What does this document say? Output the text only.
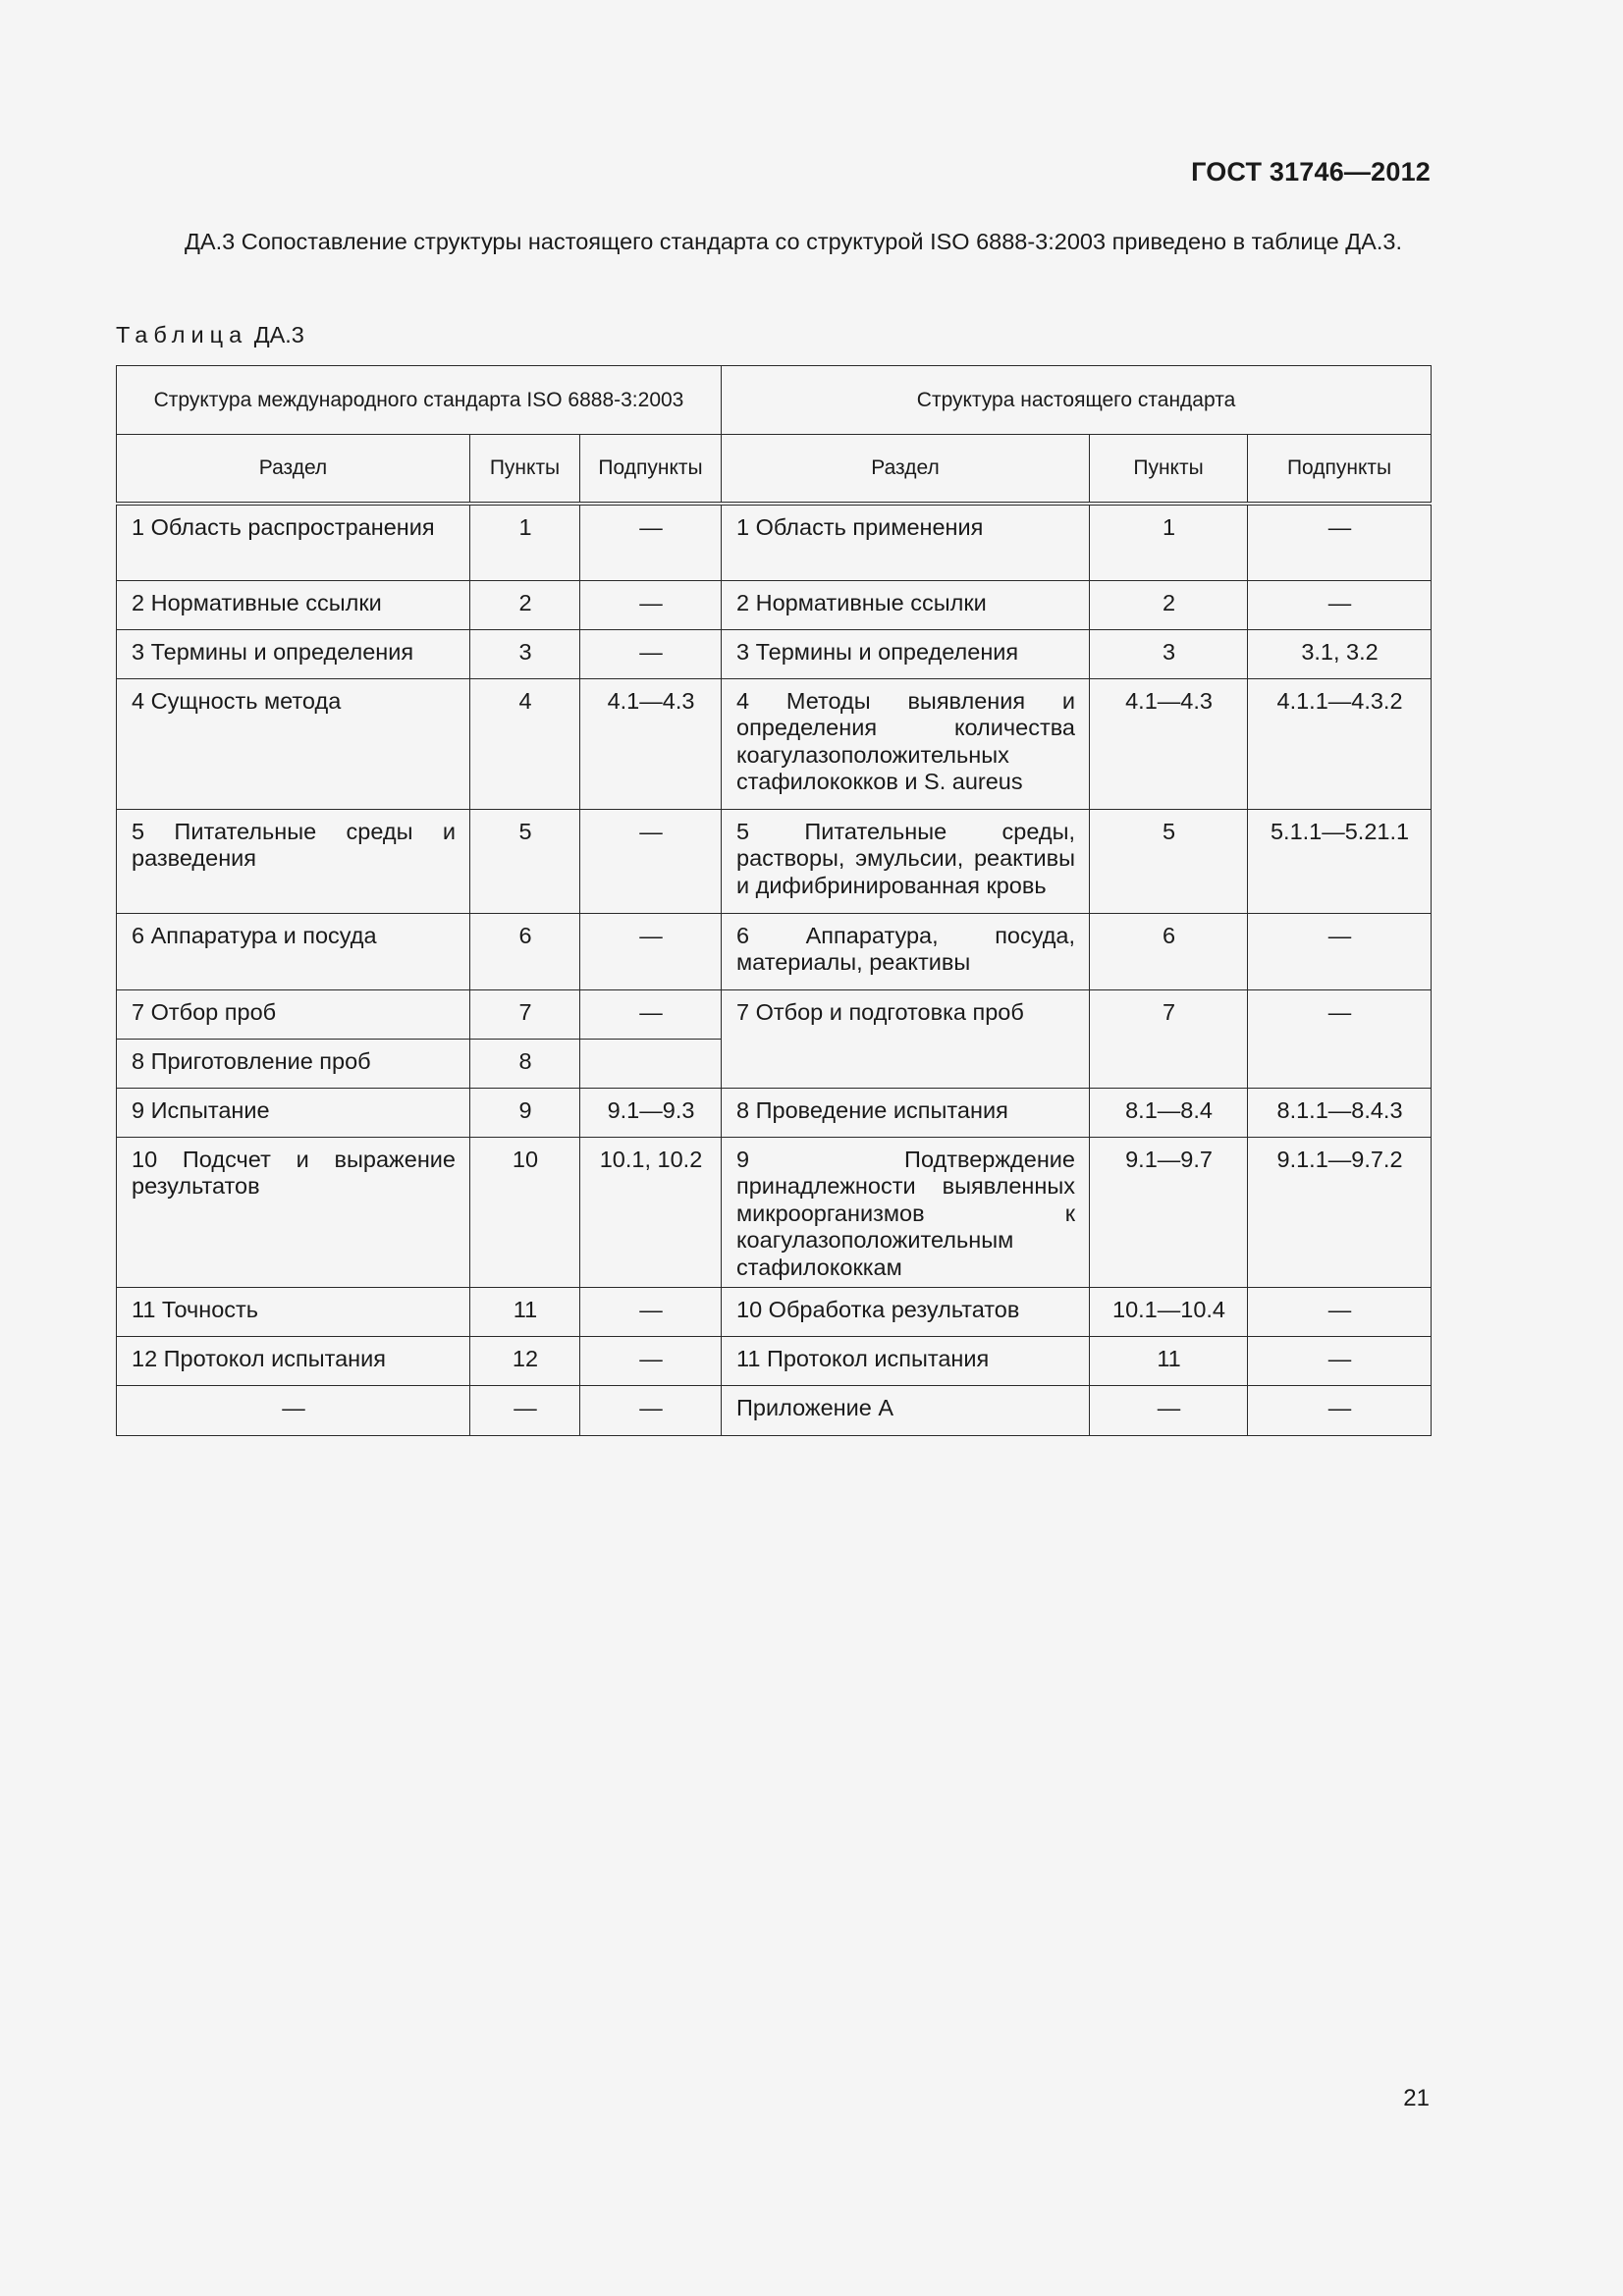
ГОСТ 31746—2012
ДА.3 Сопоставление структуры настоящего стандарта со структурой ISO 6888-3:2003 приведено в таблице ДА.3.
Таблица ДА.3
Структура международного стандарта ISO 6888-3:2003			Структура настоящего стандарта		
Раздел	Пункты	Подпункты	Раздел	Пункты	Подпункты
1 Область распространения	1	—	1 Область применения	1	—
2 Нормативные ссылки	2	—	2 Нормативные ссылки	2	—
3 Термины и определения	3	—	3 Термины и определения	3	3.1, 3.2
4 Сущность метода	4	4.1—4.3	4 Методы выявления и определения количества коагулазоположительных стафилококков и S. aureus	4.1—4.3	4.1.1—4.3.2
5 Питательные среды и разведения	5	—	5 Питательные среды, растворы, эмульсии, реактивы и дифибринированная кровь	5	5.1.1—5.21.1
6 Аппаратура и посуда	6	—	6 Аппаратура, посуда, материалы, реактивы	6	—
7 Отбор проб	7	—	7 Отбор и подготовка проб	7	—
8 Приготовление проб	8				
9 Испытание	9	9.1—9.3	8 Проведение испытания	8.1—8.4	8.1.1—8.4.3
10 Подсчет и выражение результатов	10	10.1, 10.2	9 Подтверждение принадлежности выявленных микроорганизмов к коагулазоположительным стафилококкам	9.1—9.7	9.1.1—9.7.2
11 Точность	11	—	10 Обработка результатов	10.1—10.4	—
12 Протокол испытания	12	—	11 Протокол испытания	11	—
—	—	—	Приложение А	—	—
21
